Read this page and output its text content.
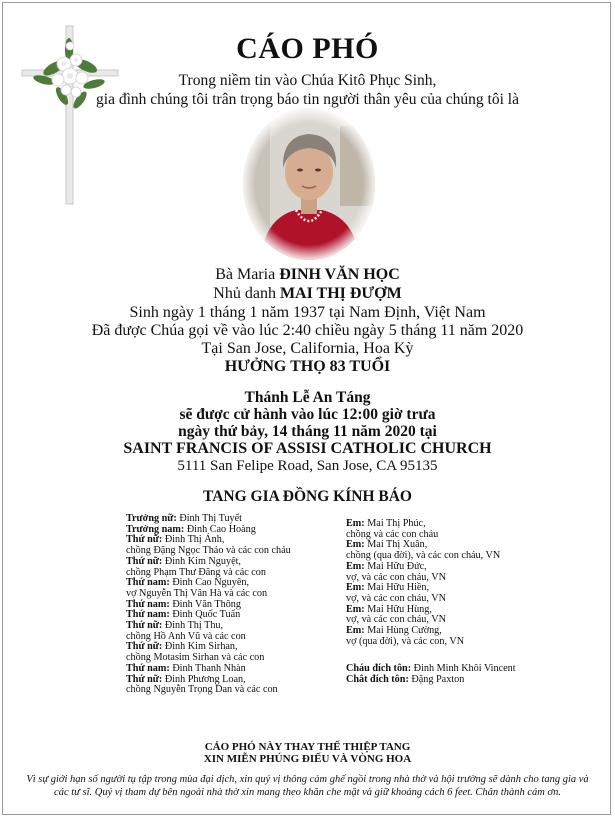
CÁO PHÓ
Trong niềm tin vào Chúa Kitô Phục Sinh,
gia đình chúng tôi trân trọng báo tin người thân yêu của chúng tôi là
Bà Maria ĐINH VĂN HỌC
Nhủ danh MAI THỊ ĐƯỢM
Sinh ngày 1 tháng 1 năm 1937 tại Nam Định, Việt Nam
Đã được Chúa gọi về vào lúc 2:40 chiều ngày 5 tháng 11 năm 2020
Tại San Jose, California, Hoa Kỳ
HƯỞNG THỌ 83 TUỔI
Thánh Lễ An Táng
sẽ được cử hành vào lúc 12:00 giờ trưa
ngày thứ bảy, 14 tháng 11 năm 2020 tại
SAINT FRANCIS OF ASSISI CATHOLIC CHURCH
5111 San Felipe Road, San Jose, CA 95135
TANG GIA ĐỒNG KÍNH BÁO
Trưởng nữ: Đinh Thị Tuyết
Trưởng nam: Đinh Cao Hoàng
Thứ nữ: Đinh Thị Ánh,
chồng Đặng Ngọc Thảo và các con cháu
Thứ nữ: Đinh Kim Nguyệt,
chồng Phạm Thư Đăng và các con
Thứ nam: Đinh Cao Nguyên,
vợ Nguyễn Thị Vân Hà và các con
Thứ nam: Đinh Văn Thông
Thứ nam: Đinh Quốc Tuấn
Thứ nữ: Đinh Thị Thu,
chồng Hồ Anh Vũ và các con
Thứ nữ: Đinh Kim Sirhan,
chồng Motasim Sirhan và các con
Thứ nam: Đinh Thanh Nhàn
Thứ nữ: Đinh Phương Loan,
chồng Nguyễn Trọng Dan và các con
Em: Mai Thị Phúc,
chồng và các con cháu
Em: Mai Thị Xuân,
chồng (qua đời), và các con cháu, VN
Em: Mai Hữu Đức,
vợ, và các con cháu, VN
Em: Mai Hữu Hiền,
vợ, và các con cháu, VN
Em: Mai Hữu Hùng,
vợ, và các con cháu, VN
Em: Mai Hùng Cường,
vợ (qua đời), và các con, VN
Cháu đích tôn: Đinh Minh Khôi Vincent
Chắt đích tôn: Đặng Paxton
CÁO PHÓ NÀY THAY THẾ THIỆP TANG
XIN MIỄN PHÚNG ĐIẾU VÀ VÒNG HOA
Vì sự giới hạn số người tụ tập trong mùa đại dịch, xin quý vị thông cảm ghế ngồi trong nhà thờ và hội trường sẽ dành cho tang gia và các tư sĩ. Quý vị tham dự bên ngoài nhà thờ xin mang theo khăn che mặt và giữ khoảng cách 6 feet. Chân thành cám ơn.
